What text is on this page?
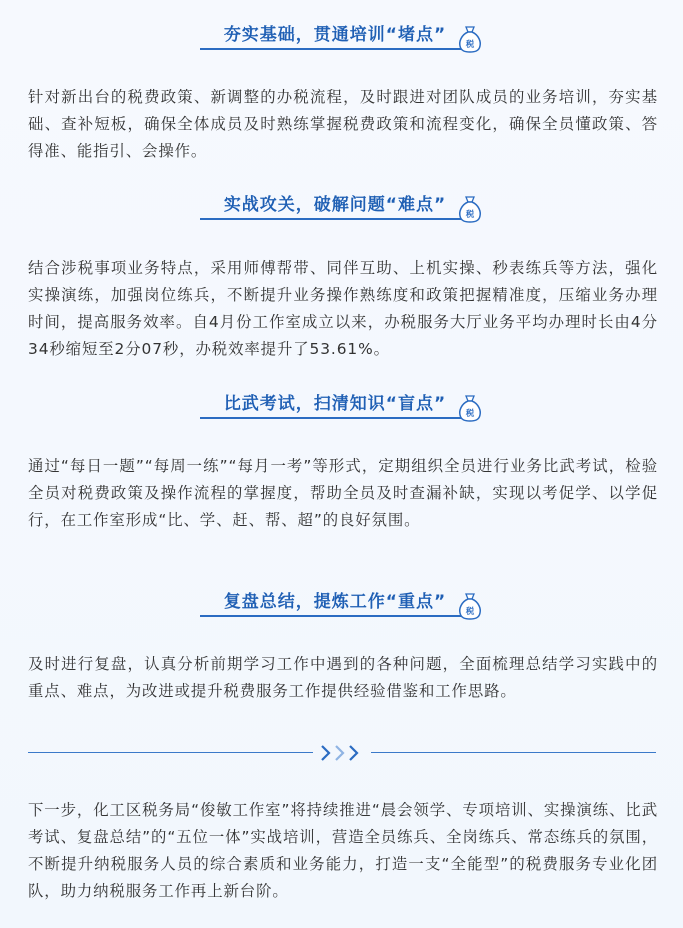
夯实基础，贯通培训“堵点”	税

针对新出台的税费政策、新调整的办税流程，及时跟进对团队成员的业务培训，夯实基础、查补短板，确保全体成员及时熟练掌握税费政策和流程变化，确保全员懂政策、答得准、能指引、会操作。

实战攻关，破解问题“难点”	税

结合涉税事项业务特点，采用师傅帮带、同伴互助、上机实操、秒表练兵等方法，强化实操演练，加强岗位练兵，不断提升业务操作熟练度和政策把握精准度，压缩业务办理时间，提高服务效率。自4月份工作室成立以来，办税服务大厅业务平均办理时长由4分34秒缩短至2分07秒，办税效率提升了53.61%。

比武考试，扫清知识“盲点”	税

通过“每日一题”“每周一练”“每月一考”等形式，定期组织全员进行业务比武考试，检验全员对税费政策及操作流程的掌握度，帮助全员及时查漏补缺，实现以考促学、以学促行，在工作室形成“比、学、赶、帮、超”的良好氛围。

复盘总结，提炼工作“重点”	税

及时进行复盘，认真分析前期学习工作中遇到的各种问题，全面梳理总结学习实践中的重点、难点，为改进或提升税费服务工作提供经验借鉴和工作思路。

下一步，化工区税务局“俊敏工作室”将持续推进“晨会领学、专项培训、实操演练、比武考试、复盘总结”的“五位一体”实战培训，营造全员练兵、全岗练兵、常态练兵的氛围，不断提升纳税服务人员的综合素质和业务能力，打造一支“全能型”的税费服务专业化团队，助力纳税服务工作再上新台阶。
